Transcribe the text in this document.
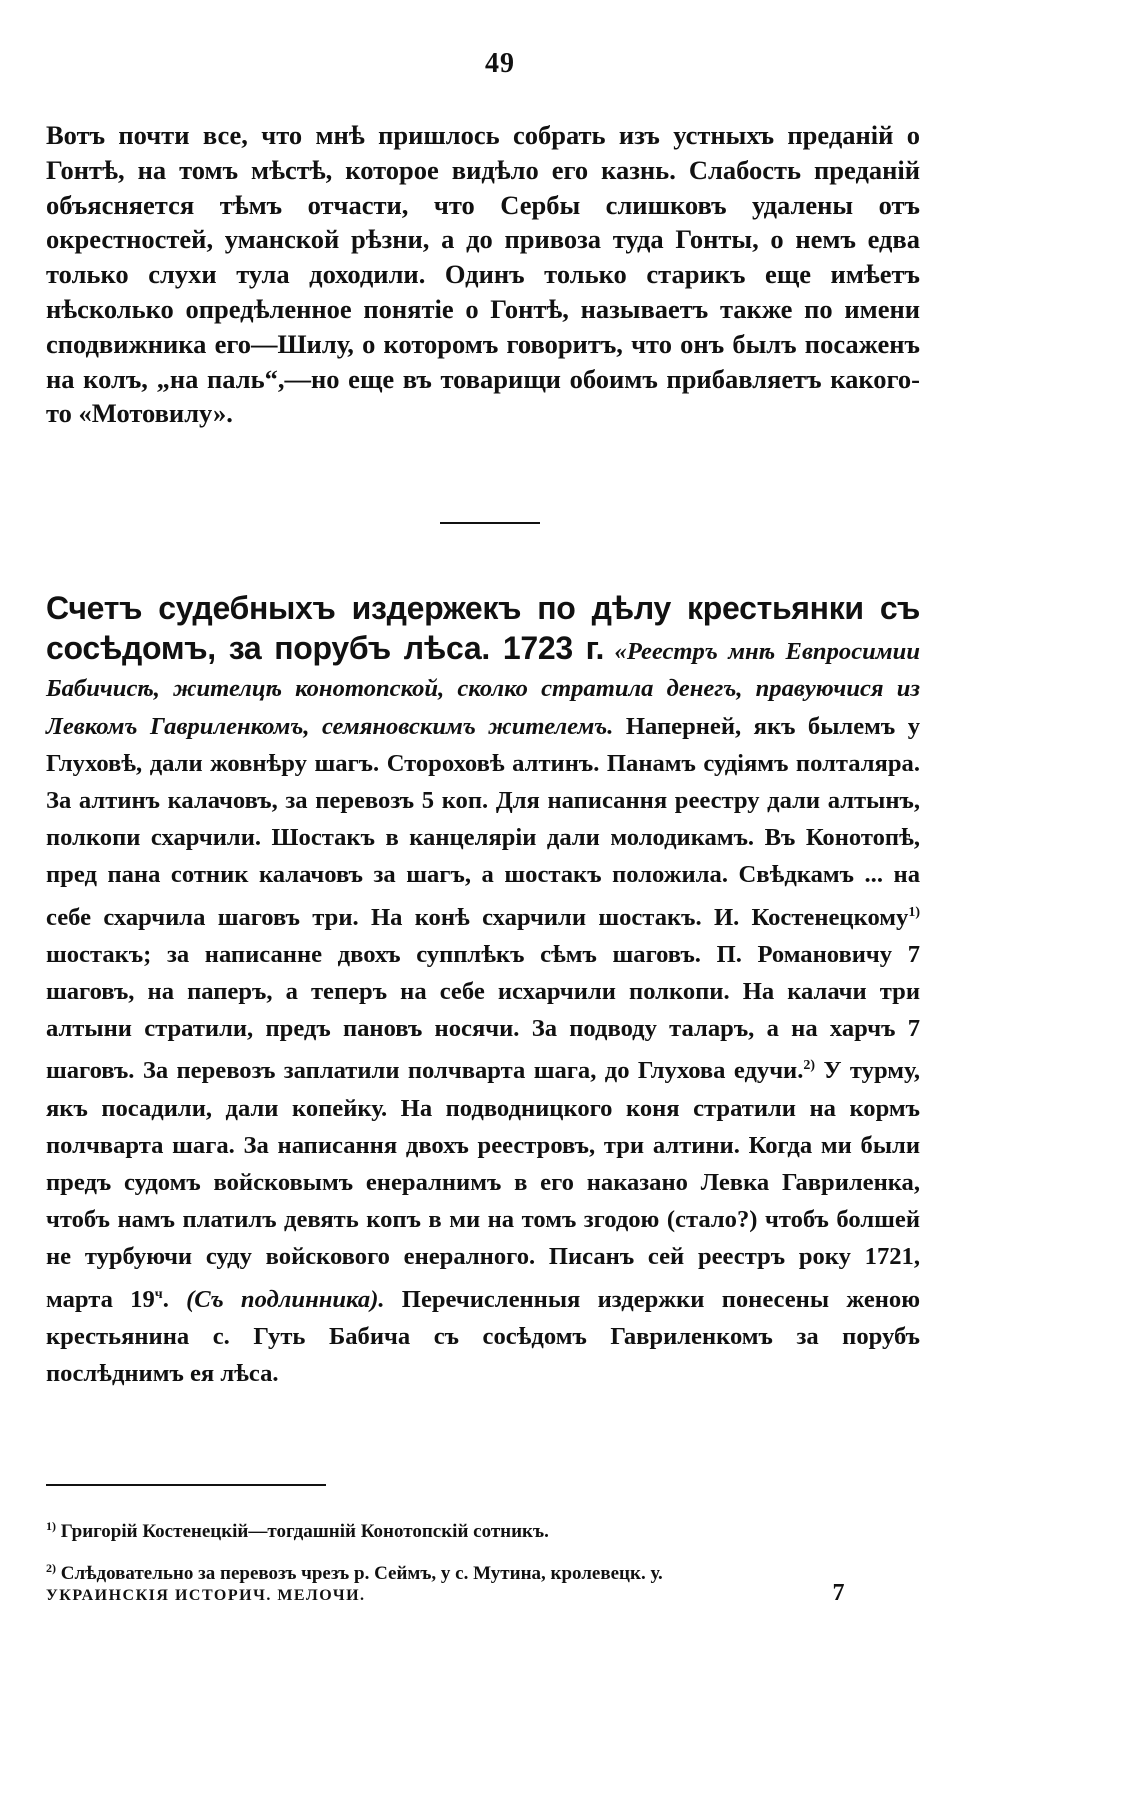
49
Вотъ почти все, что мнѣ пришлось собрать изъ устныхъ преданій о Гонтѣ, на томъ мѣстѣ, которое видѣло его казнь. Слабость преданій объясняется тѣмъ отчасти, что Сербы слишковъ удалены отъ окрестностей, уманской рѣзни, а до привоза туда Гонты, о немъ едва только слухи тула доходили. Одинъ только старикъ еще имѣетъ нѣсколько опредѣленное понятіе о Гонтѣ, называетъ также по имени сподвижника его—Шилу, о которомъ говоритъ, что онъ былъ посаженъ на колъ, „на паль“,—но еще въ товарищи обоимъ прибавляетъ какого-то «Мотовилу».
Счетъ судебныхъ издержекъ по дѣлу крестьянки съ сосѣдомъ, за порубъ лѣса. 1723 г. «Реестръ мнѣ Евпросимии Бабичисѣ, жителцѣ конотопской, сколко стратила денегъ, правуючися из Левкомъ Гавриленкомъ, семяновскимъ жителемъ. Наперней, якъ былемъ у Глуховѣ, дали жовнѣру шагъ. Стороховѣ алтинъ. Панамъ судіямъ полталяра. За алтинъ калачовъ, за перевозъ 5 коп. Для написання реестру дали алтынъ, полкопи схарчили. Шостакъ в канцеляріи дали молодикамъ. Въ Конотопѣ, пред пана сотник калачовъ за шагъ, а шостакъ положила. Свѣдкамъ ... на себе схарчила шаговъ три. На конѣ схарчили шостакъ. И. Костенецкому$^{1)}$ шостакъ; за написанне двохъ супплѣкъ сѣмъ шаговъ. П. Романовичу 7 шаговъ, на паперъ, а теперъ на себе исхарчили полкопи. На калачи три алтыни стратили, предъ пановъ носячи. За подводу таларъ, а на харчъ 7 шаговъ. За перевозъ заплатили полчварта шага, до Глухова едучи.$^{2)}$ У турму, якъ посадили, дали копейку. На подводницкого коня стратили на кормъ полчварта шага. За написання двохъ реестровъ, три алтини. Когда ми были предъ судомъ войсковымъ енералнимъ в его наказано Левка Гавриленка, чтобъ намъ платилъ девять копъ в ми на томъ згодою (стало?) чтобъ болшей не турбуючи суду войскового енералного. Писанъ сей реестръ року 1721, марта $19^ч$. (Съ подлинника). Перечисленныя издержки понесены женою крестьянина с. Гуть Бабича съ сосѣдомъ Гавриленкомъ за порубъ послѣднимъ ея лѣса.
$^{1)}$ Григорій Костенецкій—тогдашній Конотопскій сотникъ.
$^{2)}$ Слѣдовательно за перевозъ чрезъ р. Сеймъ, у с. Мутина, кролевецк. у.
УКРАИНСКІЯ ИСТОРИЧ. МЕЛОЧИ.	7
